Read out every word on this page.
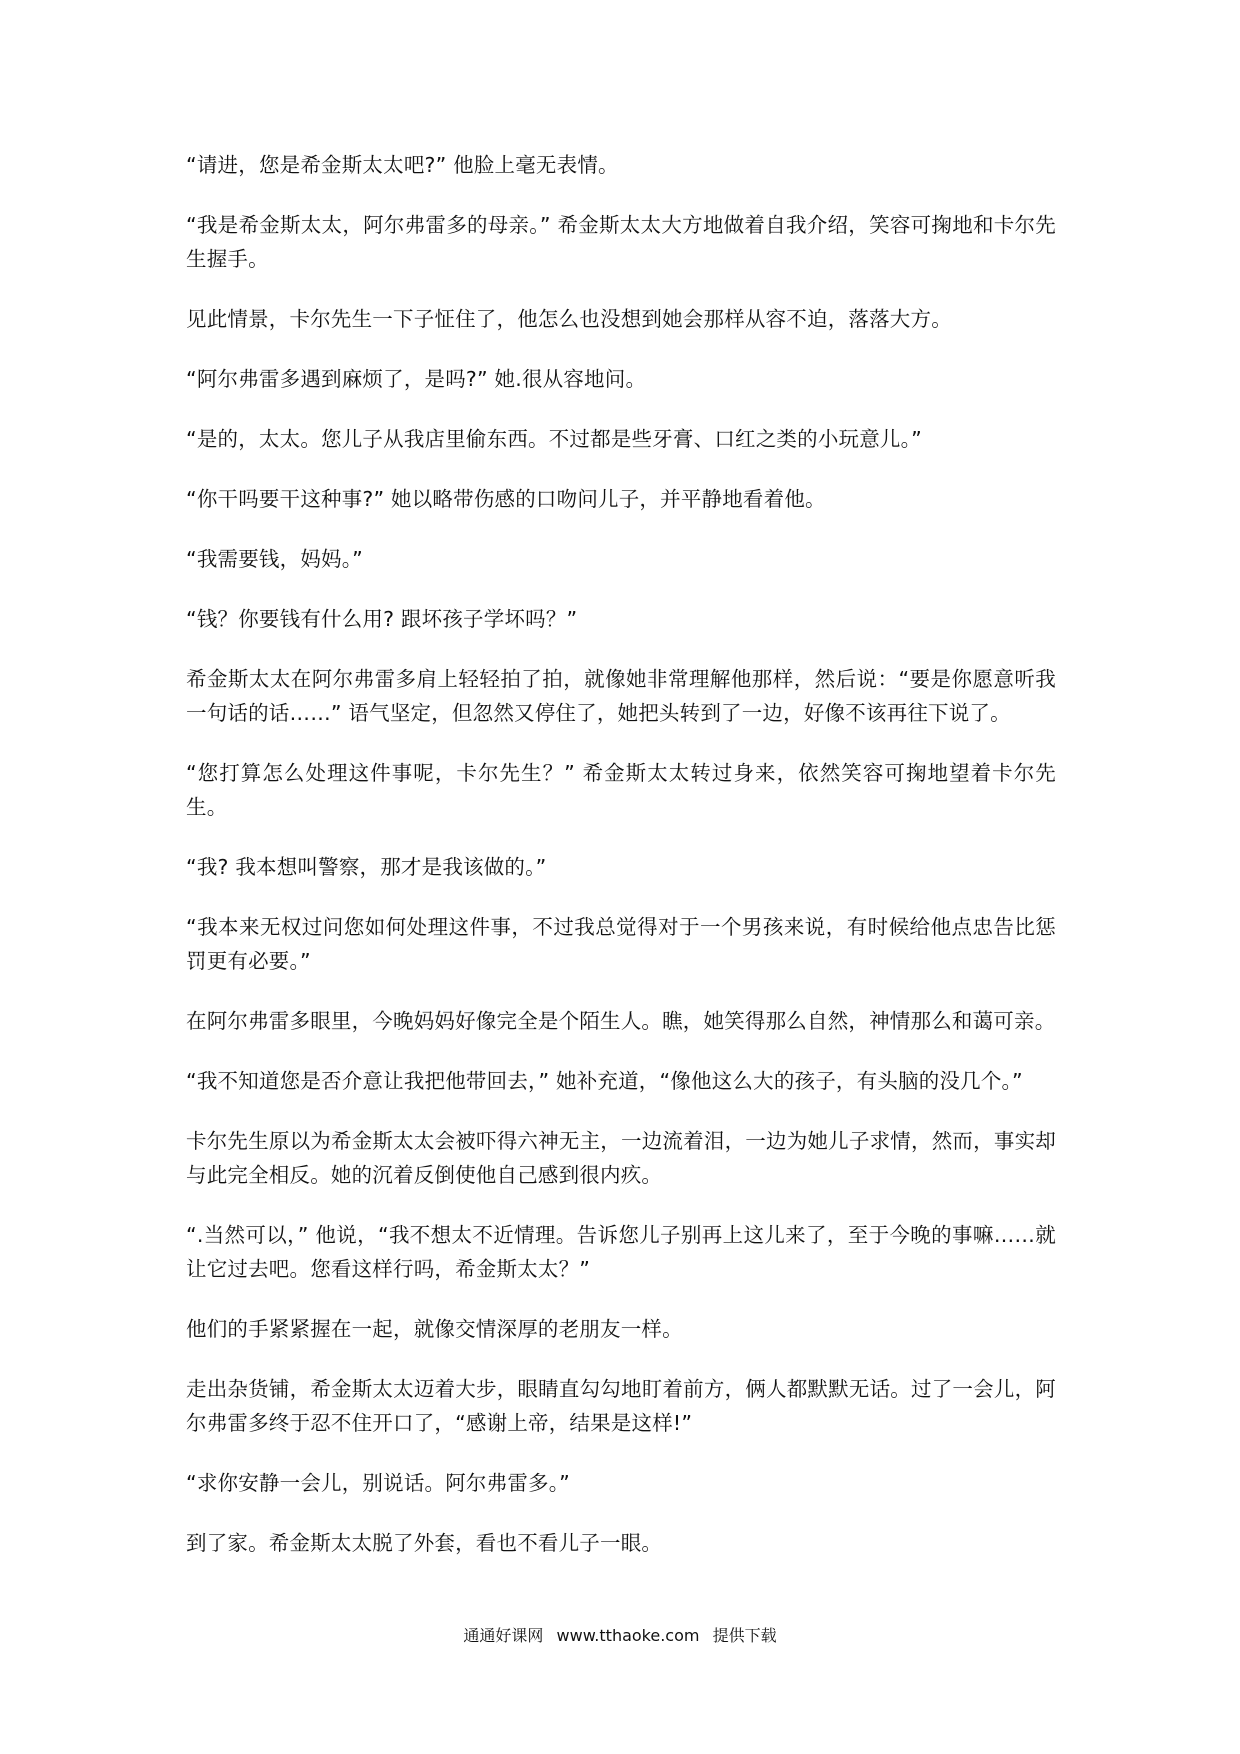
“请进，您是希金斯太太吧?” 他脸上毫无表情。

“我是希金斯太太，阿尔弗雷多的母亲。” 希金斯太太大方地做着自我介绍，笑容可掬地和卡尔先生握手。

见此情景，卡尔先生一下子怔住了，他怎么也没想到她会那样从容不迫，落落大方。

“阿尔弗雷多遇到麻烦了，是吗?” 她.很从容地问。

“是的，太太。您儿子从我店里偷东西。不过都是些牙膏、口红之类的小玩意儿。”

“你干吗要干这种事?” 她以略带伤感的口吻问儿子，并平静地看着他。

“我需要钱，妈妈。”

“钱？你要钱有什么用? 跟坏孩子学坏吗？”

希金斯太太在阿尔弗雷多肩上轻轻拍了拍，就像她非常理解他那样，然后说：“要是你愿意听我一句话的话……” 语气坚定，但忽然又停住了，她把头转到了一边，好像不该再往下说了。

“您打算怎么处理这件事呢，卡尔先生？” 希金斯太太转过身来，依然笑容可掬地望着卡尔先生。

“我? 我本想叫警察，那才是我该做的。”

“我本来无权过问您如何处理这件事，不过我总觉得对于一个男孩来说，有时候给他点忠告比惩罚更有必要。”

在阿尔弗雷多眼里，今晚妈妈好像完全是个陌生人。瞧，她笑得那么自然，神情那么和蔼可亲。

“我不知道您是否介意让我把他带回去，” 她补充道，“像他这么大的孩子，有头脑的没几个。”

卡尔先生原以为希金斯太太会被吓得六神无主，一边流着泪，一边为她儿子求情，然而，事实却与此完全相反。她的沉着反倒使他自己感到很内疚。

“.当然可以，” 他说，“我不想太不近情理。告诉您儿子别再上这儿来了，至于今晚的事嘛……就让它过去吧。您看这样行吗，希金斯太太？”

他们的手紧紧握在一起，就像交情深厚的老朋友一样。

走出杂货铺，希金斯太太迈着大步，眼睛直勾勾地盯着前方，俩人都默默无话。过了一会儿，阿尔弗雷多终于忍不住开口了，“感谢上帝，结果是这样!”

“求你安静一会儿，别说话。阿尔弗雷多。”

到了家。希金斯太太脱了外套，看也不看儿子一眼。

通通好课网 www.tthaoke.com 提供下载
